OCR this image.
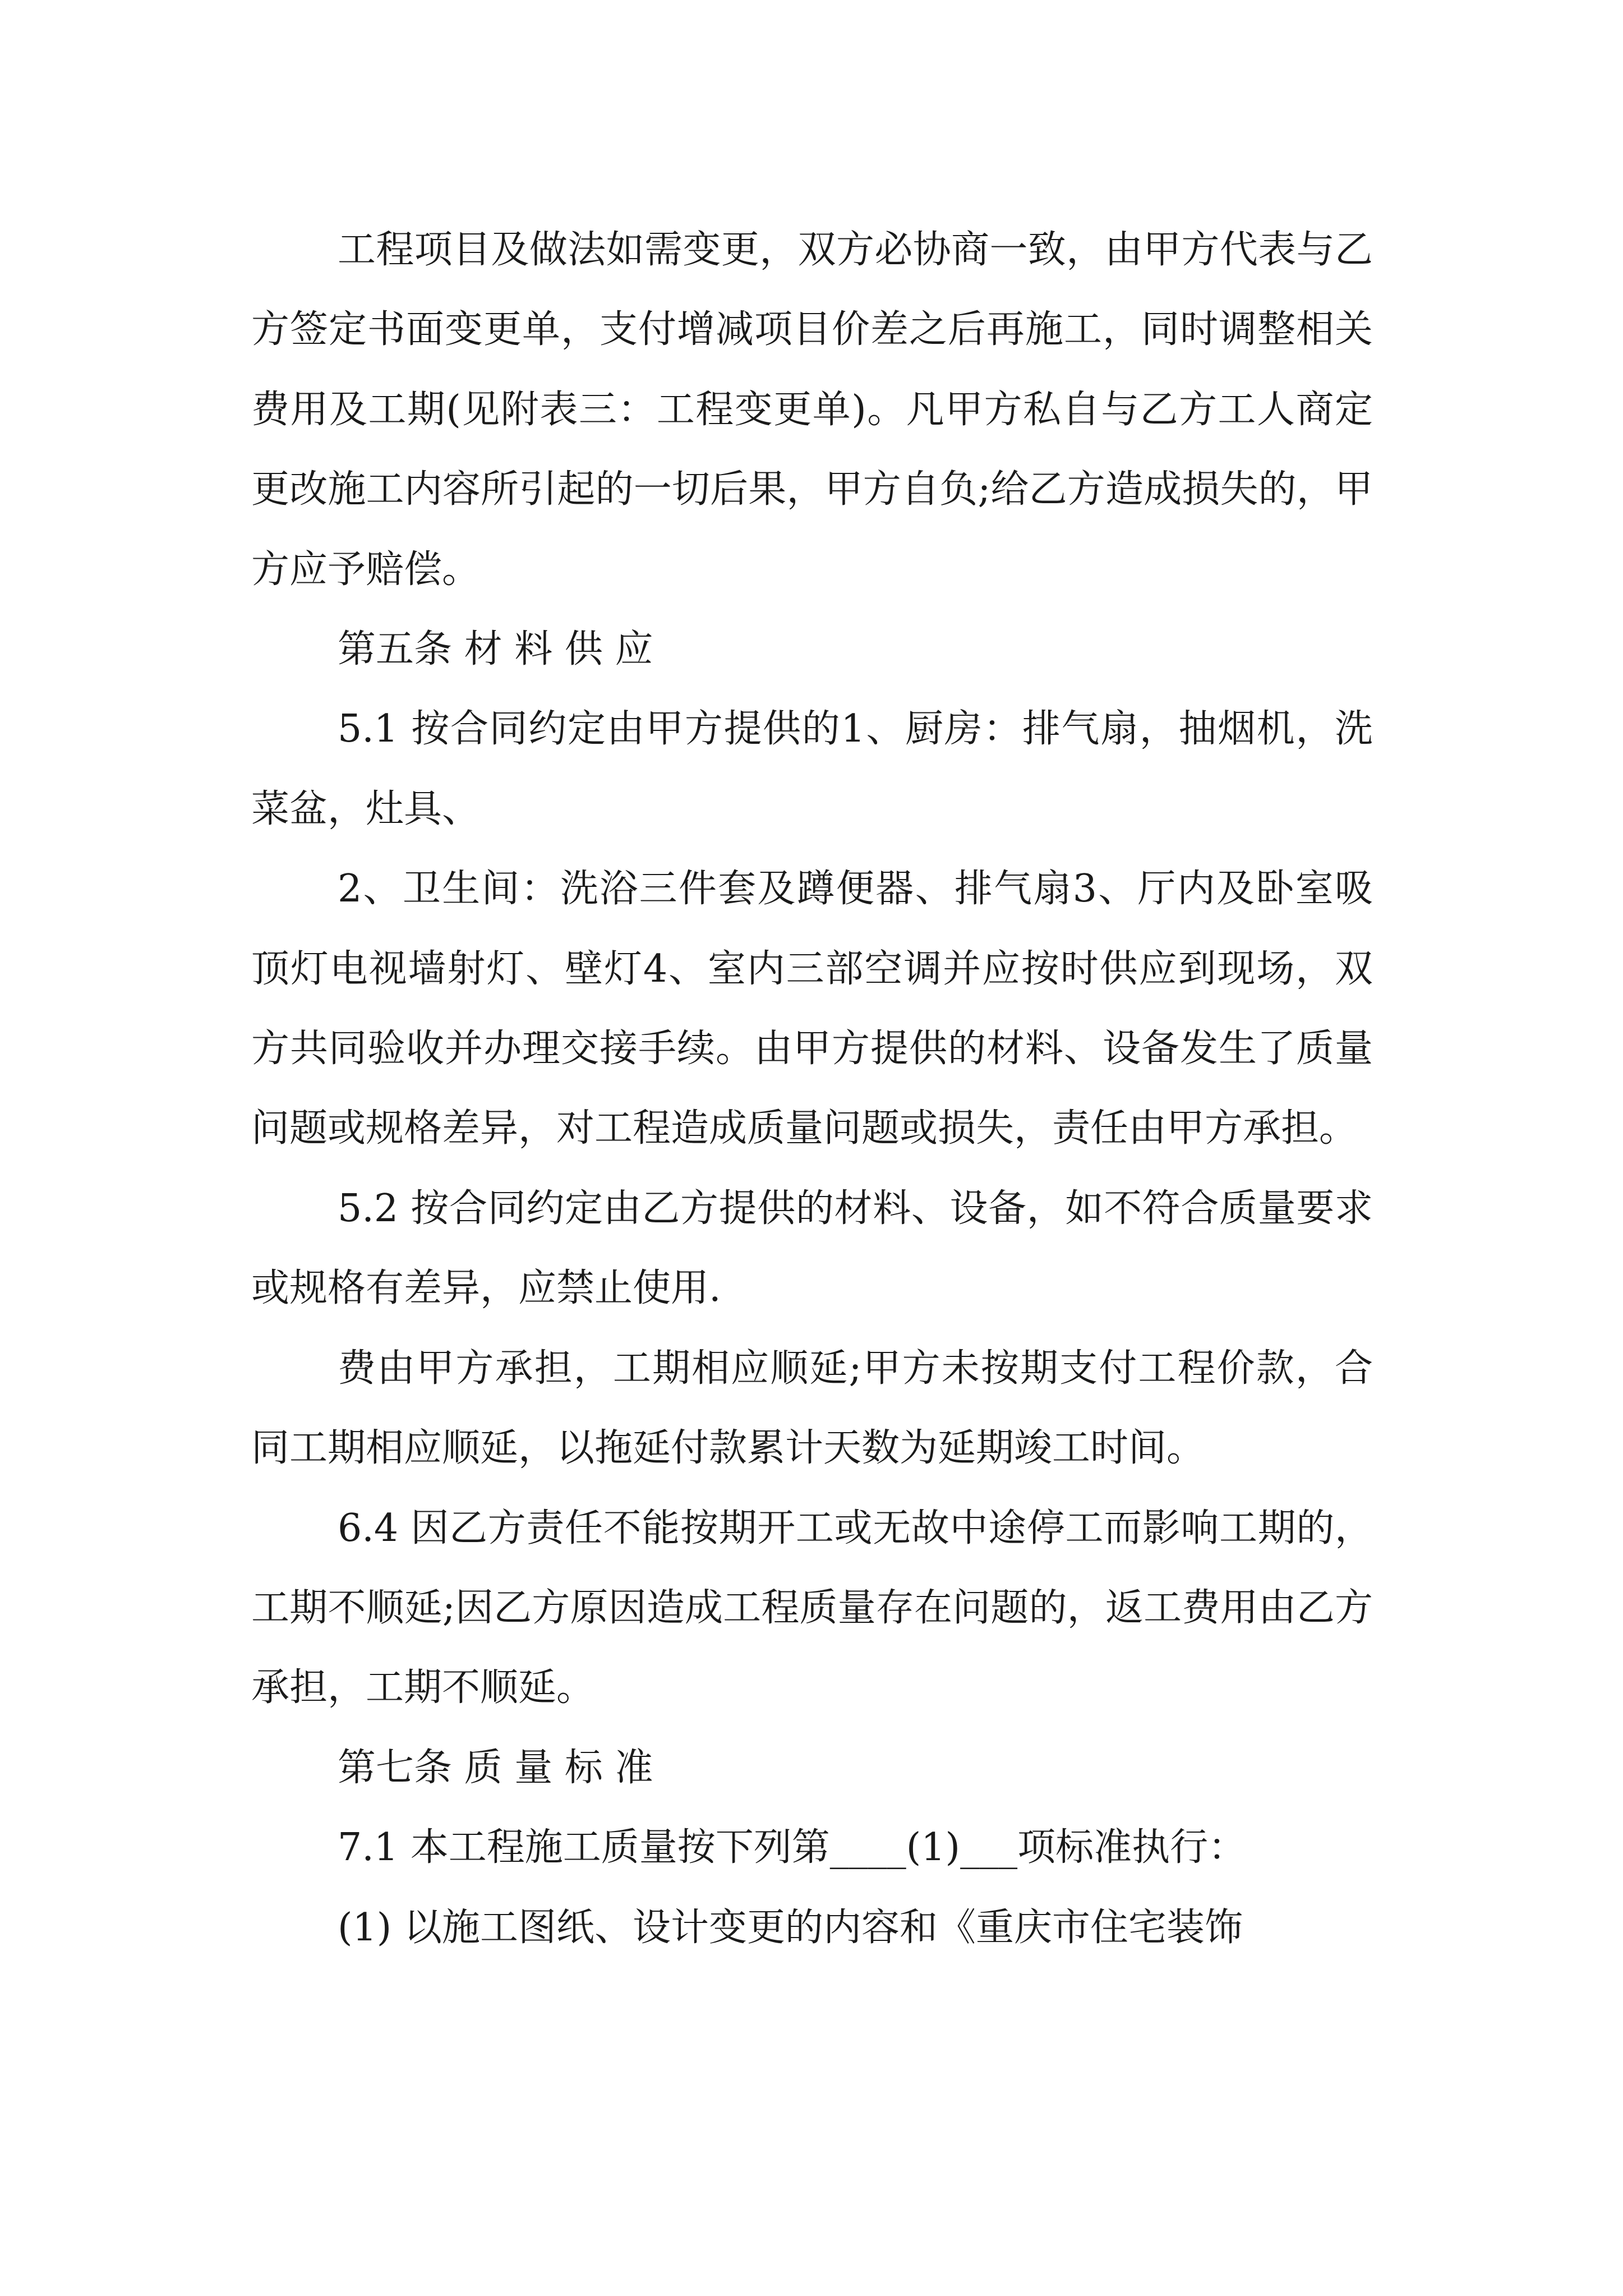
工程项目及做法如需变更，双方必协商一致，由甲方代表与乙方签定书面变更单，支付增减项目价差之后再施工，同时调整相关费用及工期(见附表三：工程变更单)。凡甲方私自与乙方工人商定更改施工内容所引起的一切后果，甲方自负;给乙方造成损失的，甲方应予赔偿。

第五条 材 料 供 应

5.1 按合同约定由甲方提供的1、厨房：排气扇，抽烟机，洗菜盆，灶具、

2、卫生间：洗浴三件套及蹲便器、排气扇3、厅内及卧室吸顶灯电视墙射灯、壁灯4、室内三部空调并应按时供应到现场，双方共同验收并办理交接手续。由甲方提供的材料、设备发生了质量问题或规格差异，对工程造成质量问题或损失，责任由甲方承担。

5.2 按合同约定由乙方提供的材料、设备，如不符合质量要求或规格有差异，应禁止使用.

费由甲方承担，工期相应顺延;甲方未按期支付工程价款，合同工期相应顺延，以拖延付款累计天数为延期竣工时间。

6.4 因乙方责任不能按期开工或无故中途停工而影响工期的，工期不顺延;因乙方原因造成工程质量存在问题的，返工费用由乙方承担，工期不顺延。

第七条 质 量 标 准

7.1 本工程施工质量按下列第____(1)___项标准执行：

(1) 以施工图纸、设计变更的内容和《重庆市住宅装饰
